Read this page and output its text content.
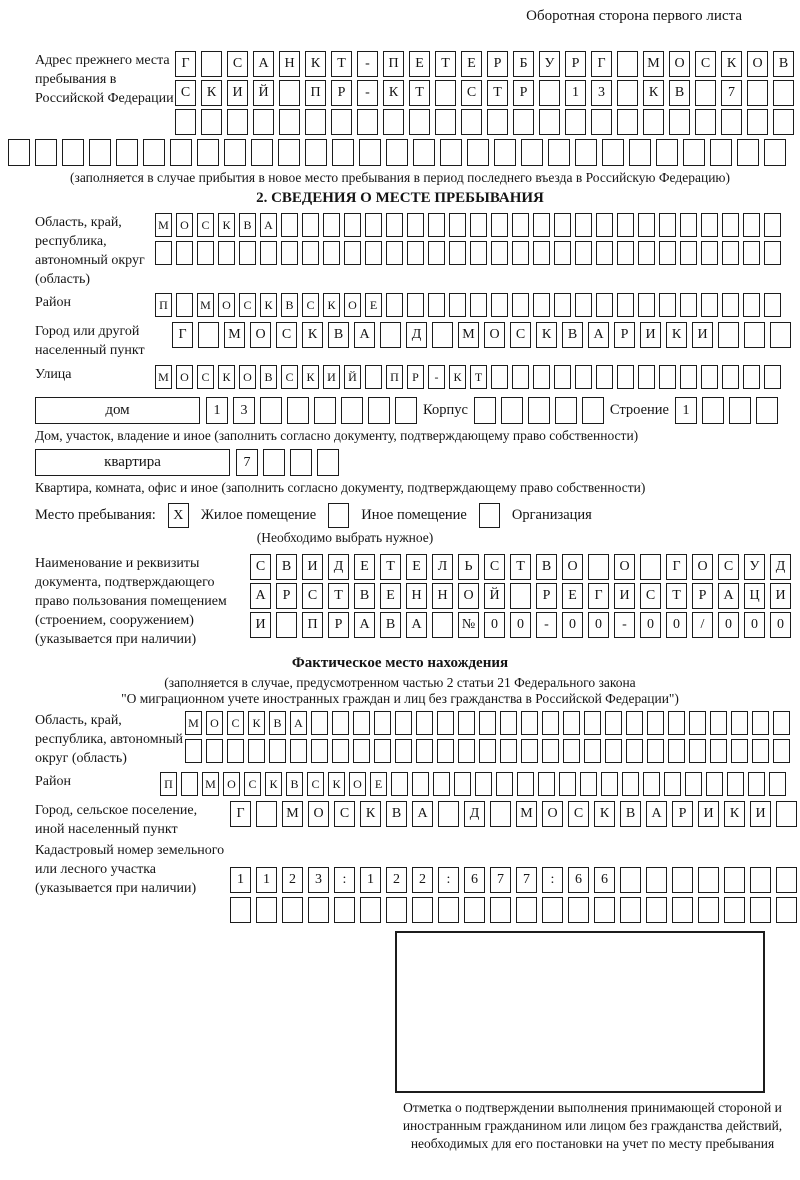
Оборотная сторона первого листа
Адрес прежнего места пребывания в Российской Федерации
Г	С	А	Н	К	Т	-	П	Е	Т	Е	Р	Б	У	Р	Г	М	О	С	К	О	В
С	К	И	Й	П	Р	-	К	Т	С	Т	Р	1	3	К	В	7
(заполняется в случае прибытия в новое место пребывания в период последнего въезда в Российскую Федерацию)
2. СВЕДЕНИЯ О МЕСТЕ ПРЕБЫВАНИЯ
Область, край, республика, автономный округ (область)
М О	С	К	В	А
Район	П	М О	С	К	В	С	К	О	Е
Город или другой населенный пункт
Г	М	О	С	К	В	А	Д	М	О	С	К	В	А	Р	И	К	И
Улица	М О	С	К	О	В	С	К	И	Й	П	Р	-	К	Т
дом	1	3	Корпус	Строение 1
Дом, участок, владение и иное (заполнить согласно документу, подтверждающему право собственности)
квартира	7
Квартира, комната, офис и иное (заполнить согласно документу, подтверждающему право собственности)
Место пребывания:	X	Жилое помещение	Иное помещение	Организация
(Необходимо выбрать нужное)
Наименование и реквизиты документа, подтверждающего право пользования помещением (строением, сооружением) (указывается при наличии)
С	В	И	Д	Е	Т	Е	Л	Ь	С	Т	В	О	О	Г	О	С	У	Д
А	Р	С	Т	В	Е	Н	Н	О	Й	Р	Е	Г	И	С	Т	Р	А	Ц	И
И	П	Р	А	В	А	№	0	0	-	0	0	-	0	0	/	0	0	0
Фактическое место нахождения
(заполняется в случае, предусмотренном частью 2 статьи 21 Федерального закона
"О миграционном учете иностранных граждан и лиц без гражданства в Российской Федерации")
Область, край, республика, автономный округ (область)
М О	С	К	В	А
Район	П	М О	С	К	В	С	К	О	Е
Город, сельское поселение, иной населенный пункт
Г	М	О	С	К	В	А	Д	М	О	С	К	В	А	Р	И	К	И
Кадастровый номер земельного или лесного участка (указывается при наличии)
1	1	2	3	:	1	2	2	:	6	7	7	:	6	6
Отметка о подтверждении выполнения принимающей стороной и иностранным гражданином или лицом без гражданства действий, необходимых для его постановки на учет по месту пребывания
